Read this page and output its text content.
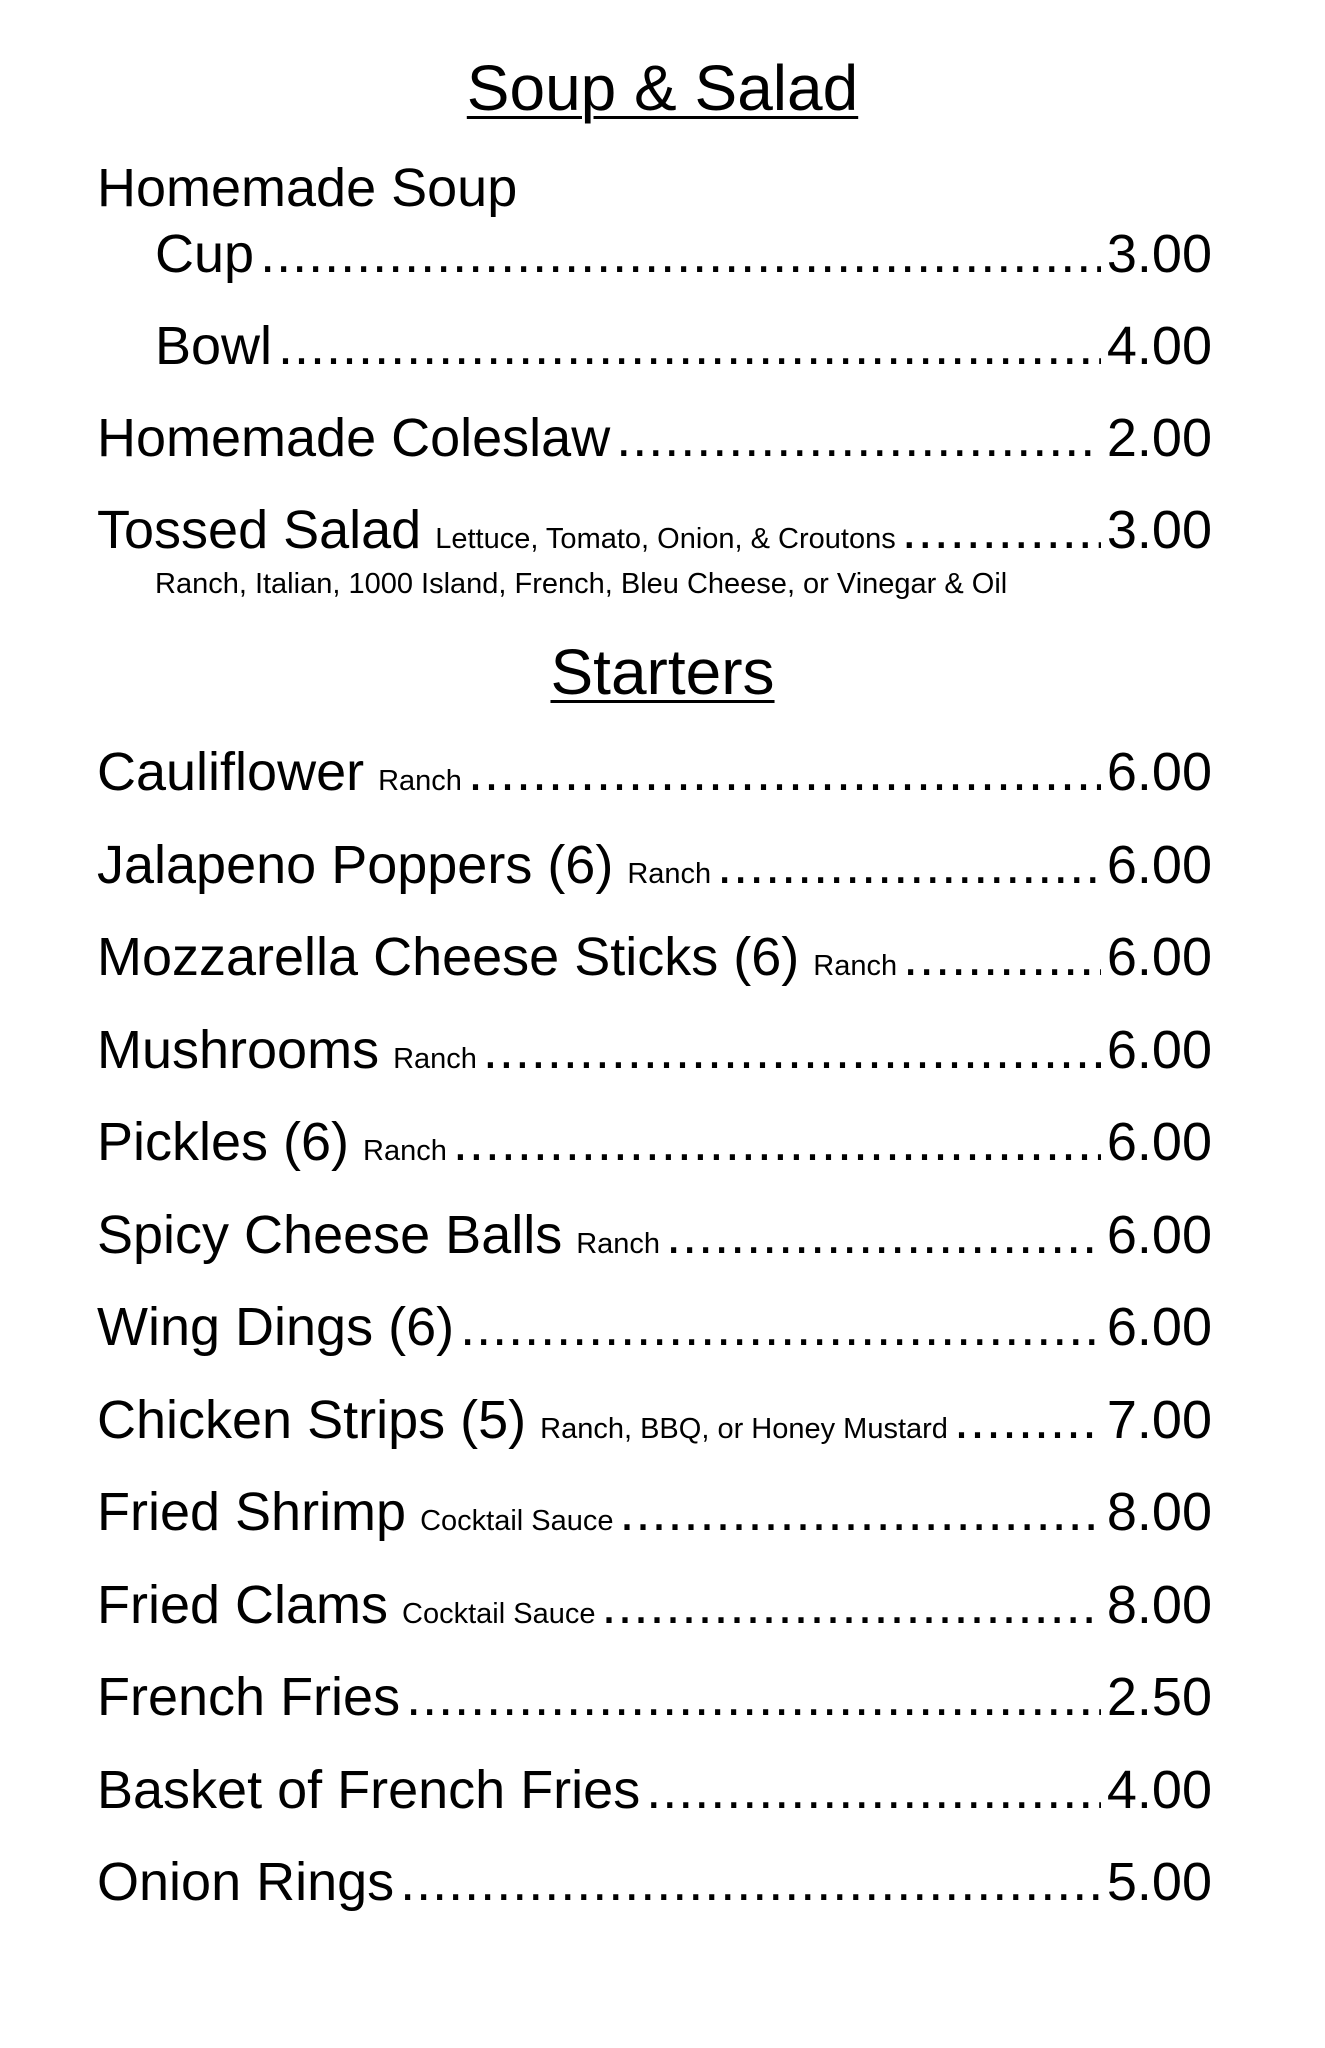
Soup & Salad
Homemade Soup
Cup .....	3.00
Bowl .....	4.00
Homemade Coleslaw .....	2.00
Tossed Salad Lettuce, Tomato, Onion, & Croutons .....	3.00
Ranch, Italian, 1000 Island, French, Bleu Cheese, or Vinegar & Oil
Starters
Cauliflower Ranch .....	6.00
Jalapeno Poppers (6) Ranch .....	6.00
Mozzarella Cheese Sticks (6) Ranch .....	6.00
Mushrooms Ranch .....	6.00
Pickles (6) Ranch .....	6.00
Spicy Cheese Balls Ranch .....	6.00
Wing Dings (6) .....	6.00
Chicken Strips (5) Ranch, BBQ, or Honey Mustard .....	7.00
Fried Shrimp Cocktail Sauce .....	8.00
Fried Clams Cocktail Sauce .....	8.00
French Fries .....	2.50
Basket of French Fries .....	4.00
Onion Rings .....	5.00
